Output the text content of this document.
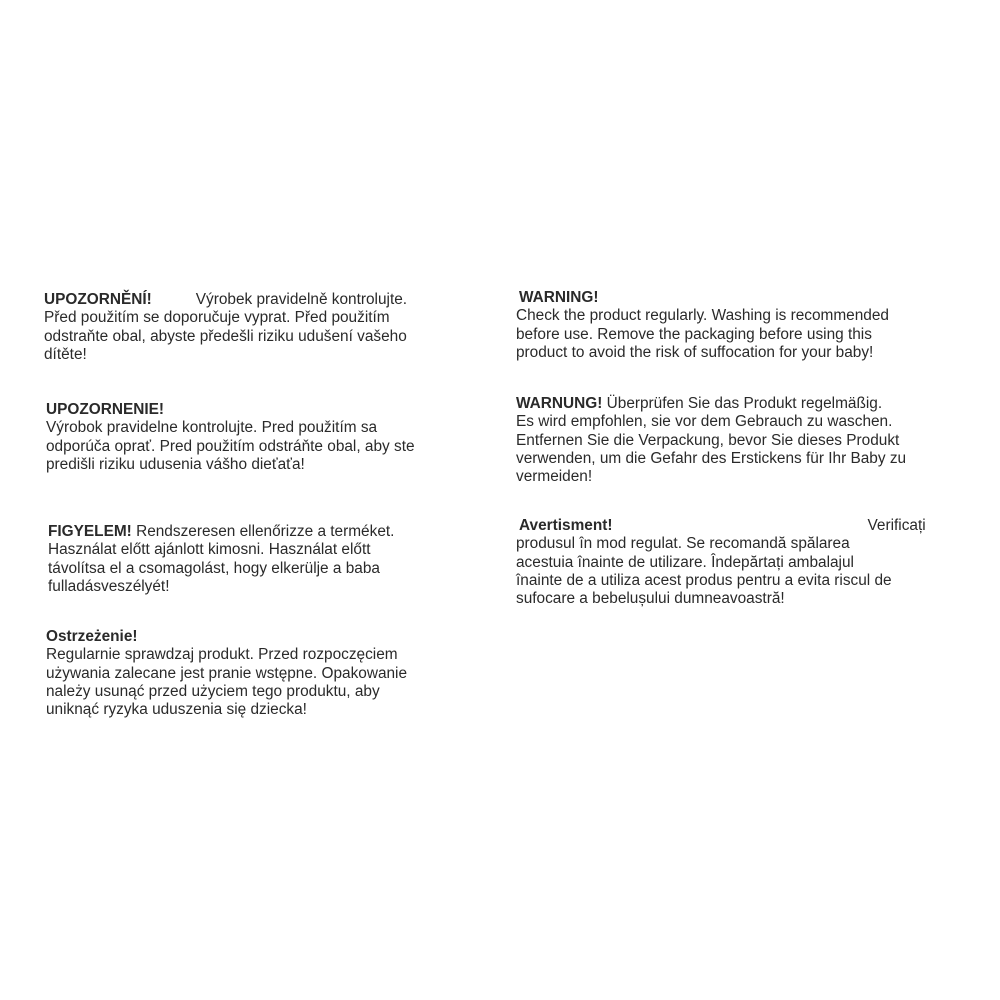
UPOZORNĚNÍ!	Výrobek pravidelně kontrolujte.
Před použitím se doporučuje vyprat. Před použitím
odstraňte obal, abyste předešli riziku udušení vašeho
dítěte!
UPOZORNENIE!
Výrobok pravidelne kontrolujte. Pred použitím sa
odporúča oprať. Pred použitím odstráňte obal, aby ste
predišli riziku udusenia vášho dieťaťa!
FIGYELEM! Rendszeresen ellenőrizze a terméket.
Használat előtt ajánlott kimosni. Használat előtt
távolítsa el a csomagolást, hogy elkerülje a baba
fulladásveszélyét!
Ostrzeżenie!
Regularnie sprawdzaj produkt. Przed rozpoczęciem
używania zalecane jest pranie wstępne. Opakowanie
należy usunąć przed użyciem tego produktu, aby
uniknąć ryzyka uduszenia się dziecka!
WARNING!
Check the product regularly. Washing is recommended
before use. Remove the packaging before using this
product to avoid the risk of suffocation for your baby!
WARNUNG! Überprüfen Sie das Produkt regelmäßig.
Es wird empfohlen, sie vor dem Gebrauch zu waschen.
Entfernen Sie die Verpackung, bevor Sie dieses Produkt
verwenden, um die Gefahr des Erstickens für Ihr Baby zu
vermeiden!
Avertisment!	Verificați
produsul în mod regulat. Se recomandă spălarea
acestuia înainte de utilizare. Îndepărtați ambalajul
înainte de a utiliza acest produs pentru a evita riscul de
sufocare a bebelușului dumneavoastră!
